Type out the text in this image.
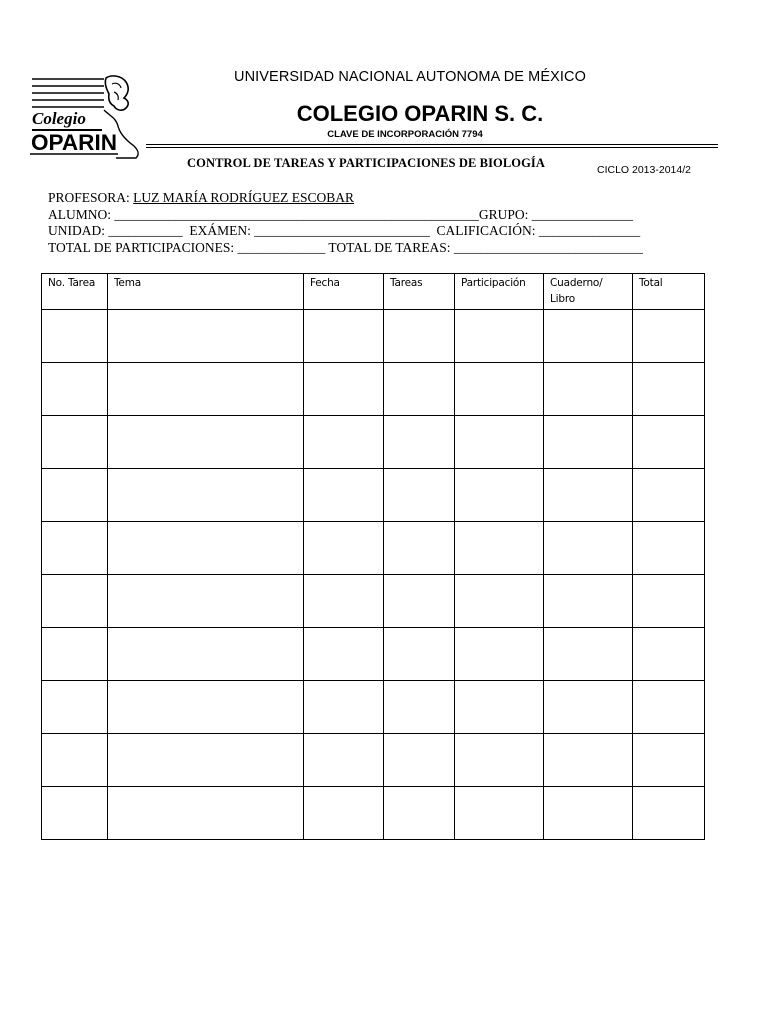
Colegio
OPARIN
UNIVERSIDAD NACIONAL AUTONOMA DE MÉXICO
COLEGIO OPARIN S. C.
CLAVE DE INCORPORACIÓN 7794
CONTROL DE TAREAS Y PARTICIPACIONES DE BIOLOGÍA	CICLO 2013-2014/2
PROFESORA: LUZ MARÍA RODRÍGUEZ ESCOBAR
ALUMNO: ______________________________________________________GRUPO: _______________
UNIDAD: ___________ EXÁMEN: __________________________ CALIFICACIÓN: _______________
TOTAL DE PARTICIPACIONES: _____________ TOTAL DE TAREAS: ____________________________
No. Tarea	Tema	Fecha	Tareas	Participación	Cuaderno/ Libro	Total
